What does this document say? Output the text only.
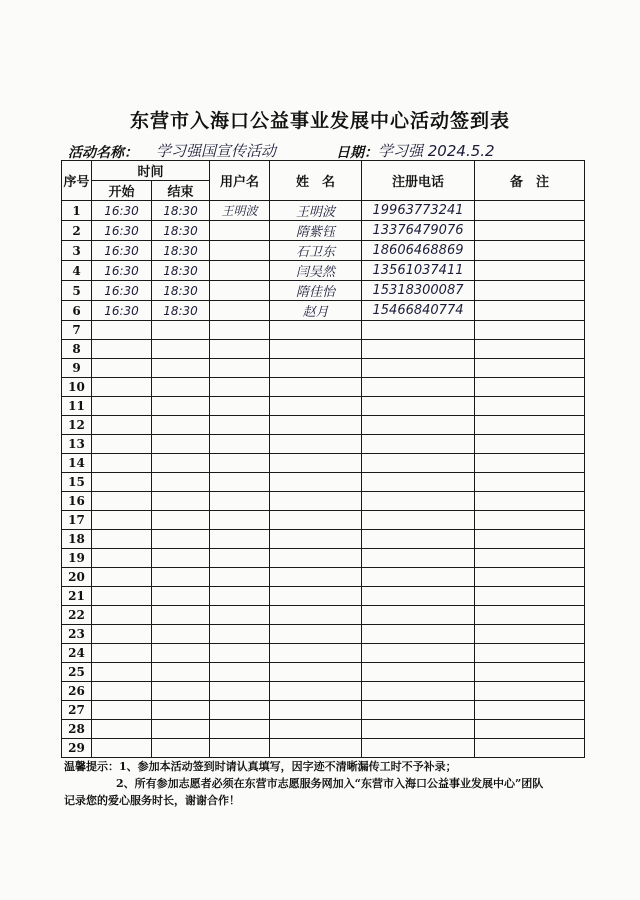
东营市入海口公益事业发展中心活动签到表
活动名称： 学习强国宣传活动	日期： 学习强 2024.5.2
序号	时间		用户名	姓　名	注册电话	备　注
	开始	结束				
1	16:30	18:30	王明波	王明波	19963773241	
2	16:30	18:30		隋紫钰	13376479076	
3	16:30	18:30		石卫东	18606468869	
4	16:30	18:30		闫吴然	13561037411	
5	16:30	18:30		隋佳怡	15318300087	
6	16:30	18:30		赵月	15466840774	
7						
8						
9						
10						
11						
12						
13						
14						
15						
16						
17						
18						
19						
20						
21						
22						
23						
24						
25						
26						
27						
28						
29						
温馨提示：1、参加本活动签到时请认真填写，因字迹不清晰漏传工时不予补录；
2、所有参加志愿者必须在东营市志愿服务网加入“东营市入海口公益事业发展中心”团队
记录您的爱心服务时长，谢谢合作！
